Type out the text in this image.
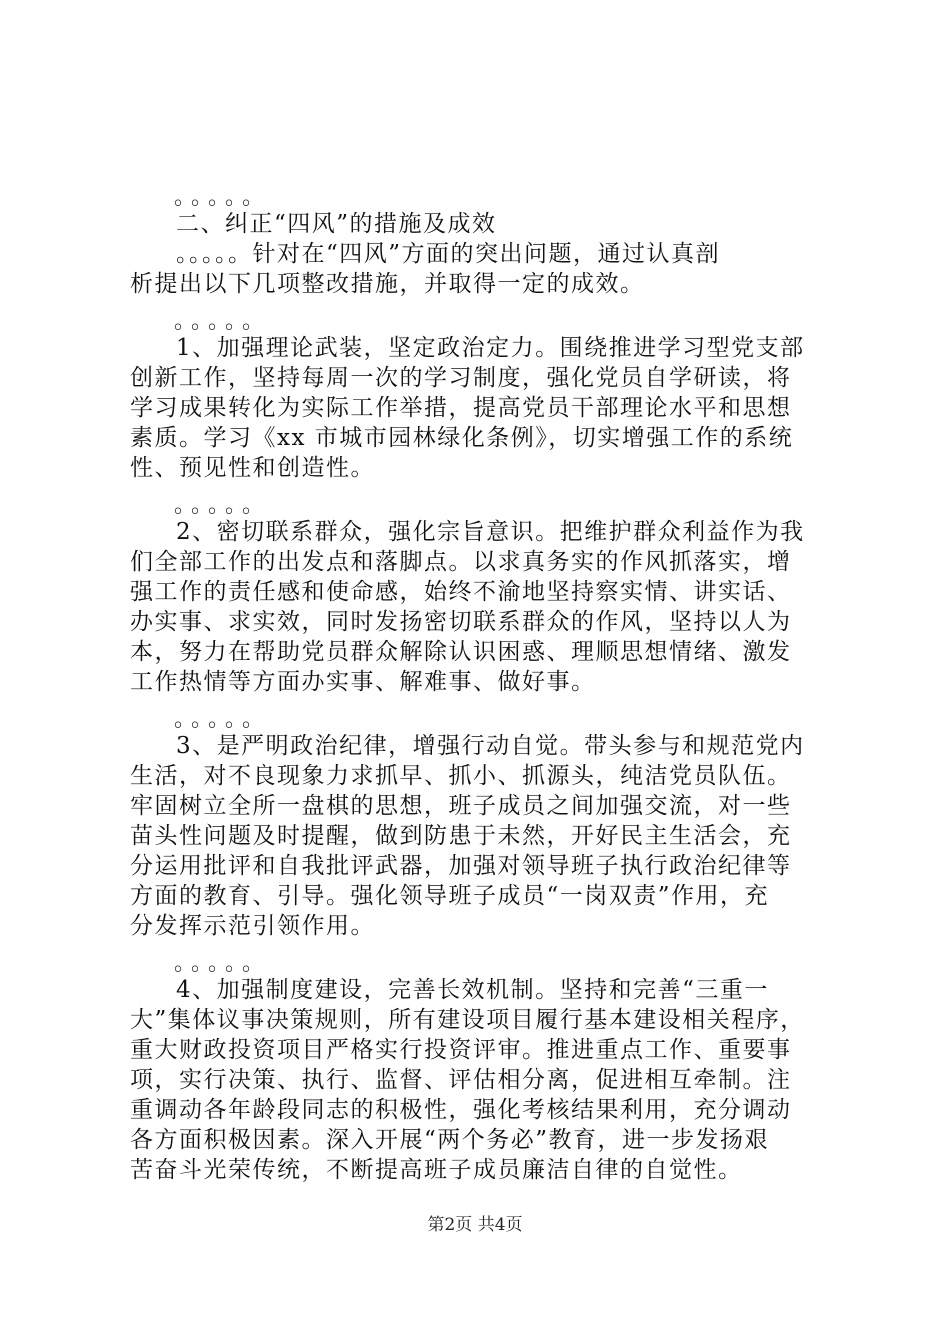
。。。。。
二、纠正“四风”的措施及成效
。。。。。针对在“四风”方面的突出问题，通过认真剖
析提出以下几项整改措施，并取得一定的成效。
。。。。。
1、加强理论武装，坚定政治定力。围绕推进学习型党支部
创新工作，坚持每周一次的学习制度，强化党员自学研读，将
学习成果转化为实际工作举措，提高党员干部理论水平和思想
素质。学习《xx 市城市园林绿化条例》，切实增强工作的系统
性、预见性和创造性。
。。。。。
2、密切联系群众，强化宗旨意识。把维护群众利益作为我
们全部工作的出发点和落脚点。以求真务实的作风抓落实，增
强工作的责任感和使命感，始终不渝地坚持察实情、讲实话、
办实事、求实效，同时发扬密切联系群众的作风，坚持以人为
本，努力在帮助党员群众解除认识困惑、理顺思想情绪、激发
工作热情等方面办实事、解难事、做好事。
。。。。。
3、是严明政治纪律，增强行动自觉。带头参与和规范党内
生活，对不良现象力求抓早、抓小、抓源头，纯洁党员队伍。
牢固树立全所一盘棋的思想，班子成员之间加强交流，对一些
苗头性问题及时提醒，做到防患于未然，开好民主生活会，充
分运用批评和自我批评武器，加强对领导班子执行政治纪律等
方面的教育、引导。强化领导班子成员“一岗双责”作用，充
分发挥示范引领作用。
。。。。。
4、加强制度建设，完善长效机制。坚持和完善“三重一
大”集体议事决策规则，所有建设项目履行基本建设相关程序，
重大财政投资项目严格实行投资评审。推进重点工作、重要事
项，实行决策、执行、监督、评估相分离，促进相互牵制。注
重调动各年龄段同志的积极性，强化考核结果利用，充分调动
各方面积极因素。深入开展“两个务必”教育，进一步发扬艰
苦奋斗光荣传统，不断提高班子成员廉洁自律的自觉性。
第2页 共4页
